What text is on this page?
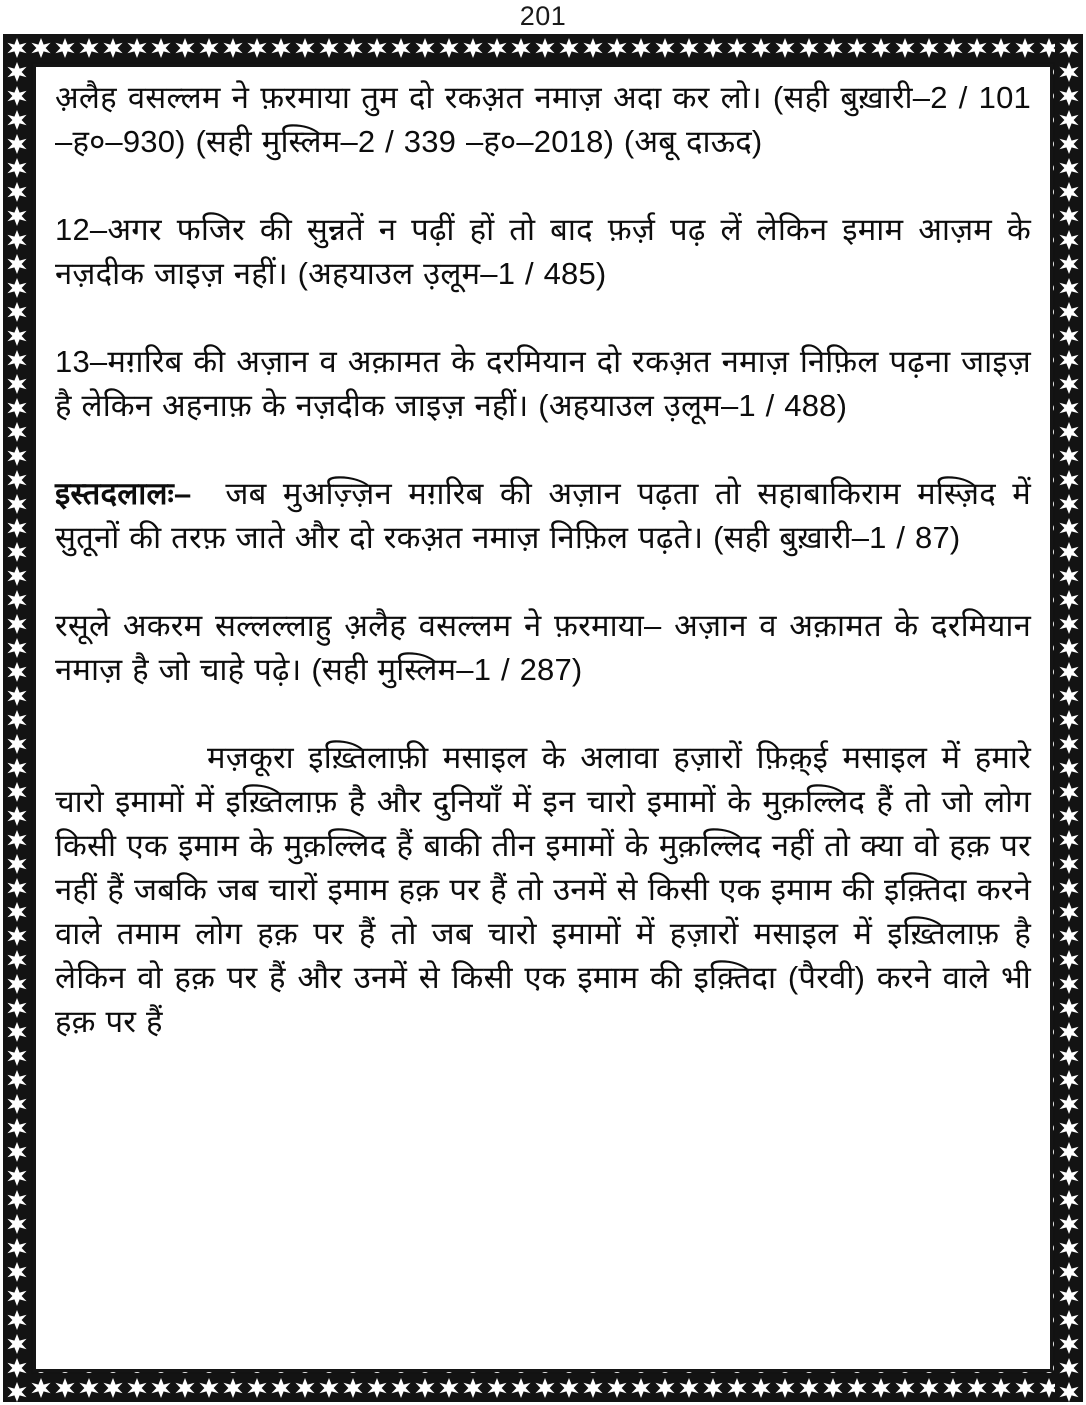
201

अ़लैह वसल्लम ने फ़रमाया तुम दो रकअ़त नमाज़ अदा कर लो। (सही बुख़ारी–2 / 101 –ह०–930) (सही मुस्लिम–2 / 339 –ह०–2018) (अबू दाऊद)

12–अगर फजिर की सुन्नतें न पढ़ीं हों तो बाद फ़र्ज़ पढ़ लें लेकिन इमाम आज़म के नज़दीक जाइज़ नहीं। (अहयाउल उ़लूम–1 / 485)

13–मग़रिब की अज़ान व अक़ामत के दरमियान दो रकअ़त नमाज़ निफ़िल पढ़ना जाइज़ है लेकिन अहनाफ़ के नज़दीक जाइज़ नहीं। (अहयाउल उ़लूम–1 / 488)

इस्तदलालः– जब मुअज़्ज़िन मग़रिब की अज़ान पढ़ता तो सहाबाकिराम मस्ज़िद में सुतूनों की तरफ़ जाते और दो रकअ़त नमाज़ निफ़िल पढ़ते। (सही बुख़ारी–1 / 87)

रसूले अकरम सल्लल्लाहु अ़लैह वसल्लम ने फ़रमाया– अज़ान व अक़ामत के दरमियान नमाज़ है जो चाहे पढ़े। (सही मुस्लिम–1 / 287)

मज़कूरा इख़्तिलाफ़ी मसाइल के अलावा हज़ारों फ़िक़्ई मसाइल में हमारे चारो इमामों में इख़्तिलाफ़ है और दुनियाँ में इन चारो इमामों के मुक़ल्लिद हैं तो जो लोग किसी एक इमाम के मुक़ल्लिद हैं बाकी तीन इमामों के मुक़ल्लिद नहीं तो क्या वो हक़ पर नहीं हैं जबकि जब चारों इमाम हक़ पर हैं तो उनमें से किसी एक इमाम की इक़्तिदा करने वाले तमाम लोग हक़ पर हैं तो जब चारो इमामों में हज़ारों मसाइल में इख़्तिलाफ़ है लेकिन वो हक़ पर हैं और उनमें से किसी एक इमाम की इक़्तिदा (पैरवी) करने वाले भी हक़ पर हैं
